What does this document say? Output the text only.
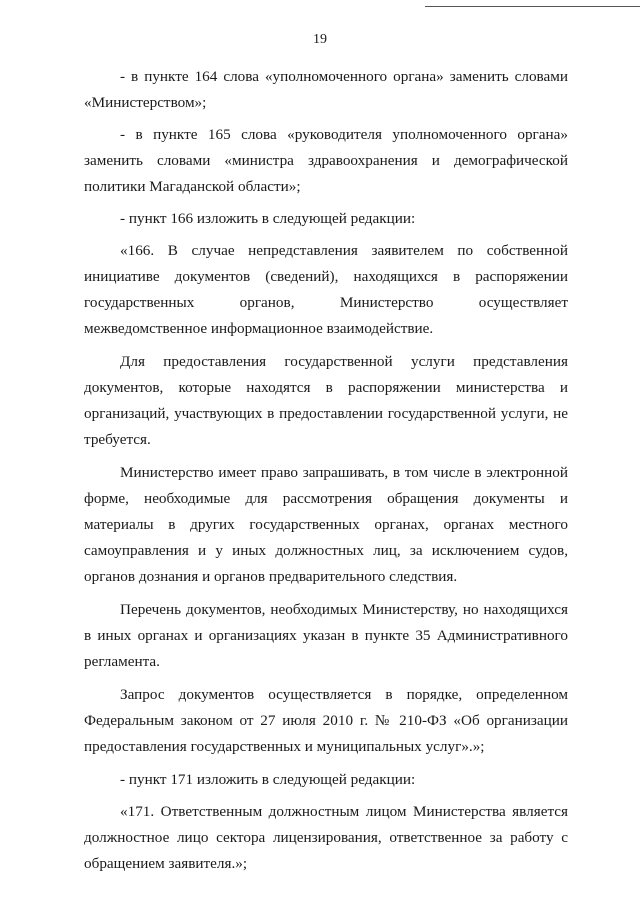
19

- в пункте 164 слова «уполномоченного органа» заменить словами «Министерством»;

- в пункте 165 слова «руководителя уполномоченного органа» заменить словами «министра здравоохранения и демографической политики Магаданской области»;

- пункт 166 изложить в следующей редакции:

«166. В случае непредставления заявителем по собственной инициативе документов (сведений), находящихся в распоряжении государственных органов, Министерство осуществляет межведомственное информационное взаимодействие.

Для предоставления государственной услуги представления документов, которые находятся в распоряжении министерства и организаций, участвующих в предоставлении государственной услуги, не требуется.

Министерство имеет право запрашивать, в том числе в электронной форме, необходимые для рассмотрения обращения документы и материалы в других государственных органах, органах местного самоуправления и у иных должностных лиц, за исключением судов, органов дознания и органов предварительного следствия.

Перечень документов, необходимых Министерству, но находящихся в иных органах и организациях указан в пункте 35 Административного регламента.

Запрос документов осуществляется в порядке, определенном Федеральным законом от 27 июля 2010 г. № 210-ФЗ «Об организации предоставления государственных и муниципальных услуг».»;

- пункт 171 изложить в следующей редакции:

«171. Ответственным должностным лицом Министерства является должностное лицо сектора лицензирования, ответственное за работу с обращением заявителя.»;
